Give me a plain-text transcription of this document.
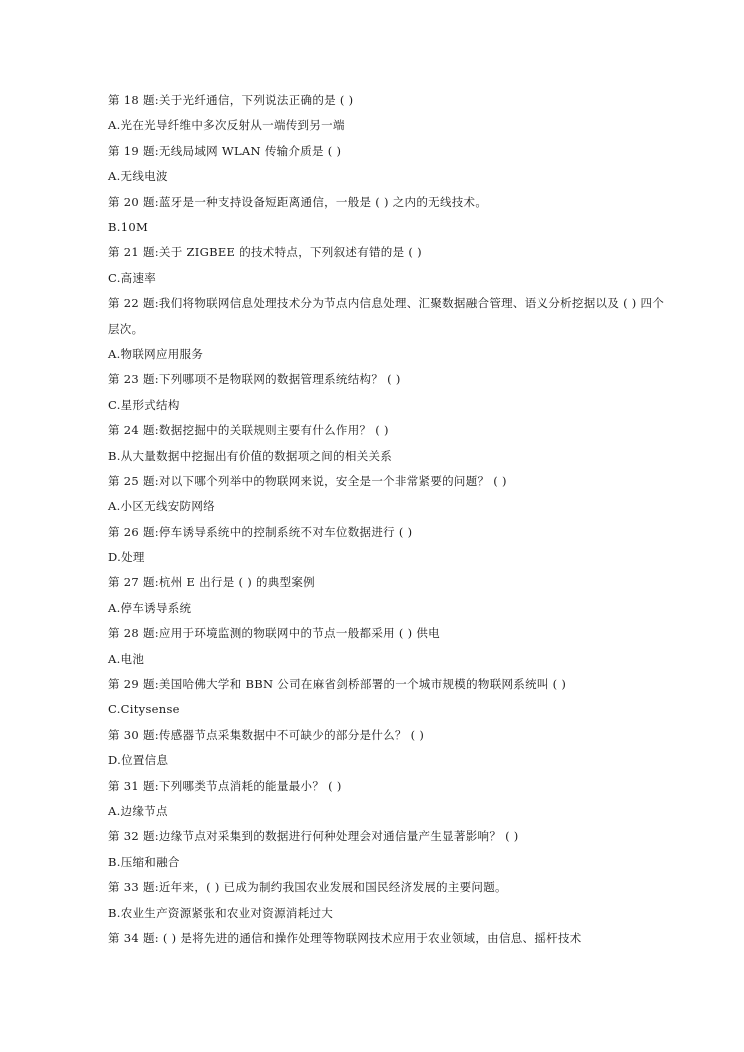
第 18 题:关于光纤通信，下列说法正确的是 ( )
A.光在光导纤维中多次反射从一端传到另一端
第 19 题:无线局域网 WLAN 传输介质是 ( )
A.无线电波
第 20 题:蓝牙是一种支持设备短距离通信，一般是 ( ) 之内的无线技术。
B.10M
第 21 题:关于 ZIGBEE 的技术特点，下列叙述有错的是 ( )
C.高速率
第 22 题:我们将物联网信息处理技术分为节点内信息处理、汇聚数据融合管理、语义分析挖据以及 ( ) 四个层次。
A.物联网应用服务
第 23 题:下列哪项不是物联网的数据管理系统结构？ ( )
C.星形式结构
第 24 题:数据挖掘中的关联规则主要有什么作用？ ( )
B.从大量数据中挖掘出有价值的数据项之间的相关关系
第 25 题:对以下哪个列举中的物联网来说，安全是一个非常紧要的问题？ ( )
A.小区无线安防网络
第 26 题:停车诱导系统中的控制系统不对车位数据进行 ( )
D.处理
第 27 题:杭州 E 出行是 ( ) 的典型案例
A.停车诱导系统
第 28 题:应用于环境监测的物联网中的节点一般都采用 ( ) 供电
A.电池
第 29 题:美国哈佛大学和 BBN 公司在麻省剑桥部署的一个城市规模的物联网系统叫 ( )
C.Citysense
第 30 题:传感器节点采集数据中不可缺少的部分是什么？ ( )
D.位置信息
第 31 题:下列哪类节点消耗的能量最小？ ( )
A.边缘节点
第 32 题:边缘节点对采集到的数据进行何种处理会对通信量产生显著影响？ ( )
B.压缩和融合
第 33 题:近年来，( ) 已成为制约我国农业发展和国民经济发展的主要问题。
B.农业生产资源紧张和农业对资源消耗过大
第 34 题: ( ) 是将先进的通信和操作处理等物联网技术应用于农业领域，由信息、摇杆技术
